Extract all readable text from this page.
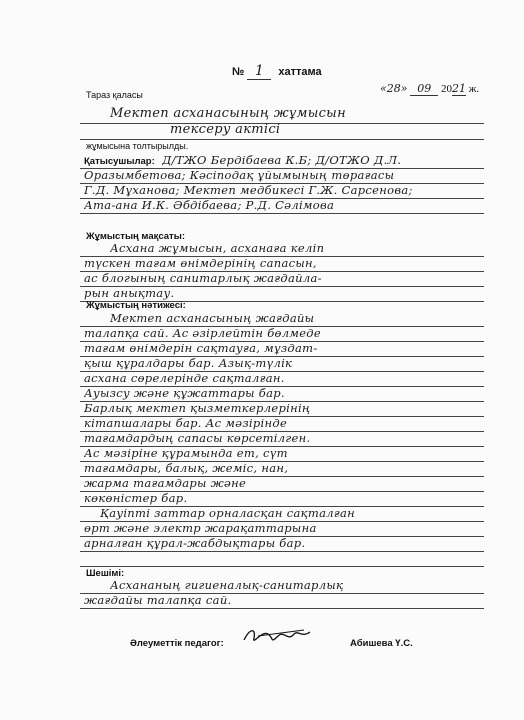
№ 1 хаттама
Тараз қаласы	«28» 09 2021 ж.
Мектеп асханасының жұмысын
тексеру актісі
жұмысына толтырылды.
Қатысушылар: Д/ТЖО Бердібаева К.Б; Д/ОТЖО Д.Л.
Оразымбетова; Кәсіподақ ұйымының төрағасы
Г.Д. Мұханова; Мектеп медбикесі Г.Ж. Сарсенова;
Ата-ана И.К. Әбдібаева; Р.Д. Сәлімова
Жұмыстың мақсаты:
Асхана жұмысын, асханаға келіп
түскен тағам өнімдерінің сапасын,
ас блогының санитарлық жағдайла-
рын анықтау.
Жұмыстың нәтижесі:
Мектеп асханасының жағдайы
талапқа сай. Ас әзірлейтін бөлмеде
тағам өнімдерін сақтауға, мұздат-
қыш құралдары бар. Азық-түлік
асхана сөрелерінде сақталған.
Ауызсу және құжаттары бар.
Барлық мектеп қызметкерлерінің
кітапшалары бар. Ас мәзірінде
тағамдардың сапасы көрсетілген.
Ас мәзіріне құрамында ет, сүт
тағамдары, балық, жеміс, нан,
жарма тағамдары және
көкөністер бар.
Қауіпті заттар орналасқан сақталған
өрт және электр жарақаттарына
арналған құрал-жабдықтары бар.
Шешімі:
Асхананың гигиеналық-санитарлық
жағдайы талапқа сай.
Әлеуметтік педагог:	Абишева Ү.С.
